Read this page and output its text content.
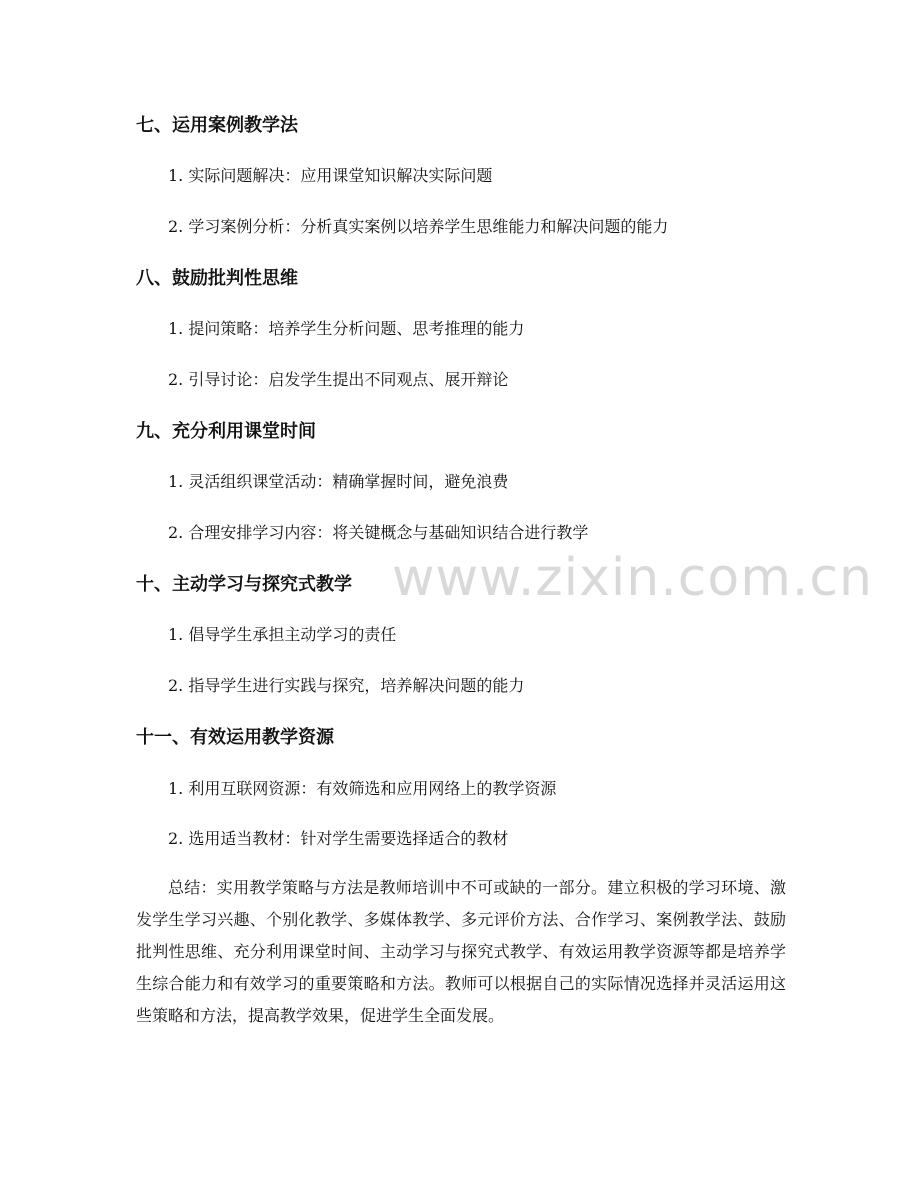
www.zixin.com.cn
七、运用案例教学法
1. 实际问题解决：应用课堂知识解决实际问题
2. 学习案例分析：分析真实案例以培养学生思维能力和解决问题的能力
八、鼓励批判性思维
1. 提问策略：培养学生分析问题、思考推理的能力
2. 引导讨论：启发学生提出不同观点、展开辩论
九、充分利用课堂时间
1. 灵活组织课堂活动：精确掌握时间，避免浪费
2. 合理安排学习内容：将关键概念与基础知识结合进行教学
十、主动学习与探究式教学
1. 倡导学生承担主动学习的责任
2. 指导学生进行实践与探究，培养解决问题的能力
十一、有效运用教学资源
1. 利用互联网资源：有效筛选和应用网络上的教学资源
2. 选用适当教材：针对学生需要选择适合的教材
总结：实用教学策略与方法是教师培训中不可或缺的一部分。建立积极的学习环境、激发学生学习兴趣、个别化教学、多媒体教学、多元评价方法、合作学习、案例教学法、鼓励批判性思维、充分利用课堂时间、主动学习与探究式教学、有效运用教学资源等都是培养学生综合能力和有效学习的重要策略和方法。教师可以根据自己的实际情况选择并灵活运用这些策略和方法，提高教学效果，促进学生全面发展。
